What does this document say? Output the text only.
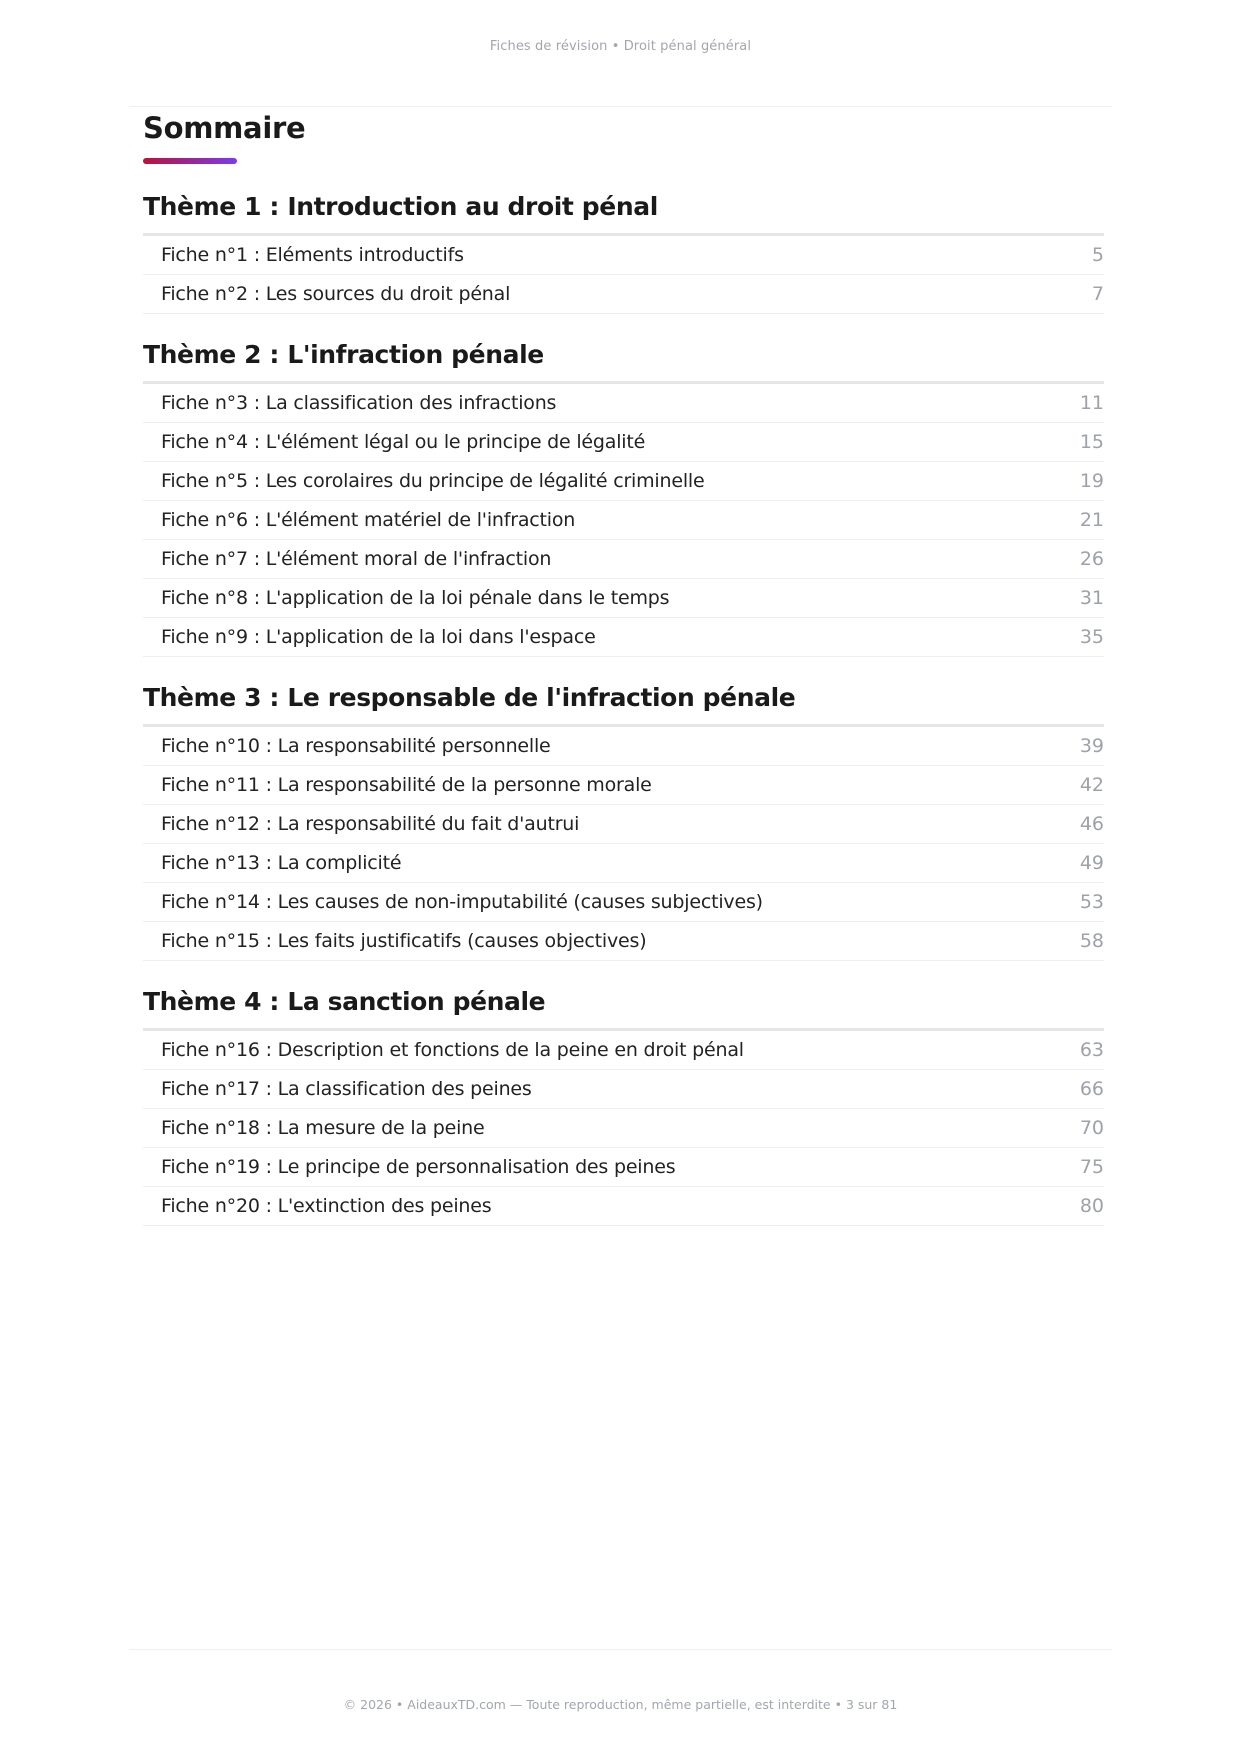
Fiches de révision • Droit pénal général
Sommaire
Thème 1 : Introduction au droit pénal
Fiche n°1 : Eléments introductifs	5
Fiche n°2 : Les sources du droit pénal	7
Thème 2 : L'infraction pénale
Fiche n°3 : La classification des infractions	11
Fiche n°4 : L'élément légal ou le principe de légalité	15
Fiche n°5 : Les corolaires du principe de légalité criminelle	19
Fiche n°6 : L'élément matériel de l'infraction	21
Fiche n°7 : L'élément moral de l'infraction	26
Fiche n°8 : L'application de la loi pénale dans le temps	31
Fiche n°9 : L'application de la loi dans l'espace	35
Thème 3 : Le responsable de l'infraction pénale
Fiche n°10 : La responsabilité personnelle	39
Fiche n°11 : La responsabilité de la personne morale	42
Fiche n°12 : La responsabilité du fait d'autrui	46
Fiche n°13 : La complicité	49
Fiche n°14 : Les causes de non-imputabilité (causes subjectives)	53
Fiche n°15 : Les faits justificatifs (causes objectives)	58
Thème 4 : La sanction pénale
Fiche n°16 : Description et fonctions de la peine en droit pénal	63
Fiche n°17 : La classification des peines	66
Fiche n°18 : La mesure de la peine	70
Fiche n°19 : Le principe de personnalisation des peines	75
Fiche n°20 : L'extinction des peines	80
© 2026 • AideauxTD.com — Toute reproduction, même partielle, est interdite • 3 sur 81
